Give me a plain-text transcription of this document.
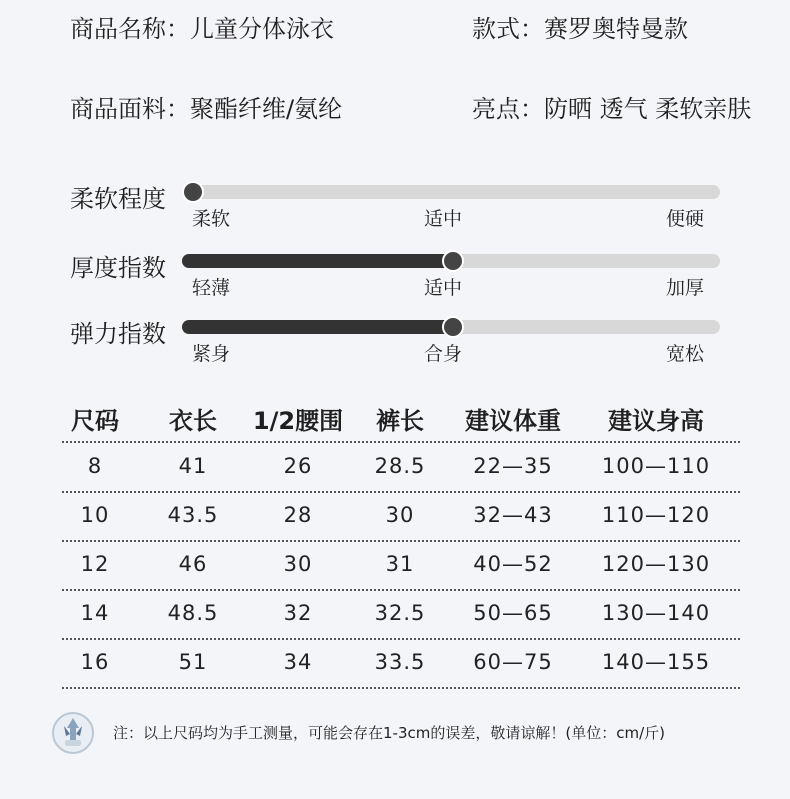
商品名称：儿童分体泳衣	款式：赛罗奥特曼款
商品面料：聚酯纤维/氨纶	亮点：防晒 透气 柔软亲肤
柔软程度
柔软	适中	便硬
厚度指数
轻薄	适中	加厚
弹力指数
紧身	合身	宽松
尺码 衣长 1/2腰围 裤长 建议体重 建议身高
8	41	26	28.5 22—35 100—110
10	43.5	28	30	32—43 110—120
12	46	30	31	40—52 120—130
14	48.5	32	32.5 50—65 130—140
16	51	34	33.5 60—75 140—155
注：以上尺码均为手工测量，可能会存在1-3cm的误差，敬请谅解！(单位：cm/斤)
